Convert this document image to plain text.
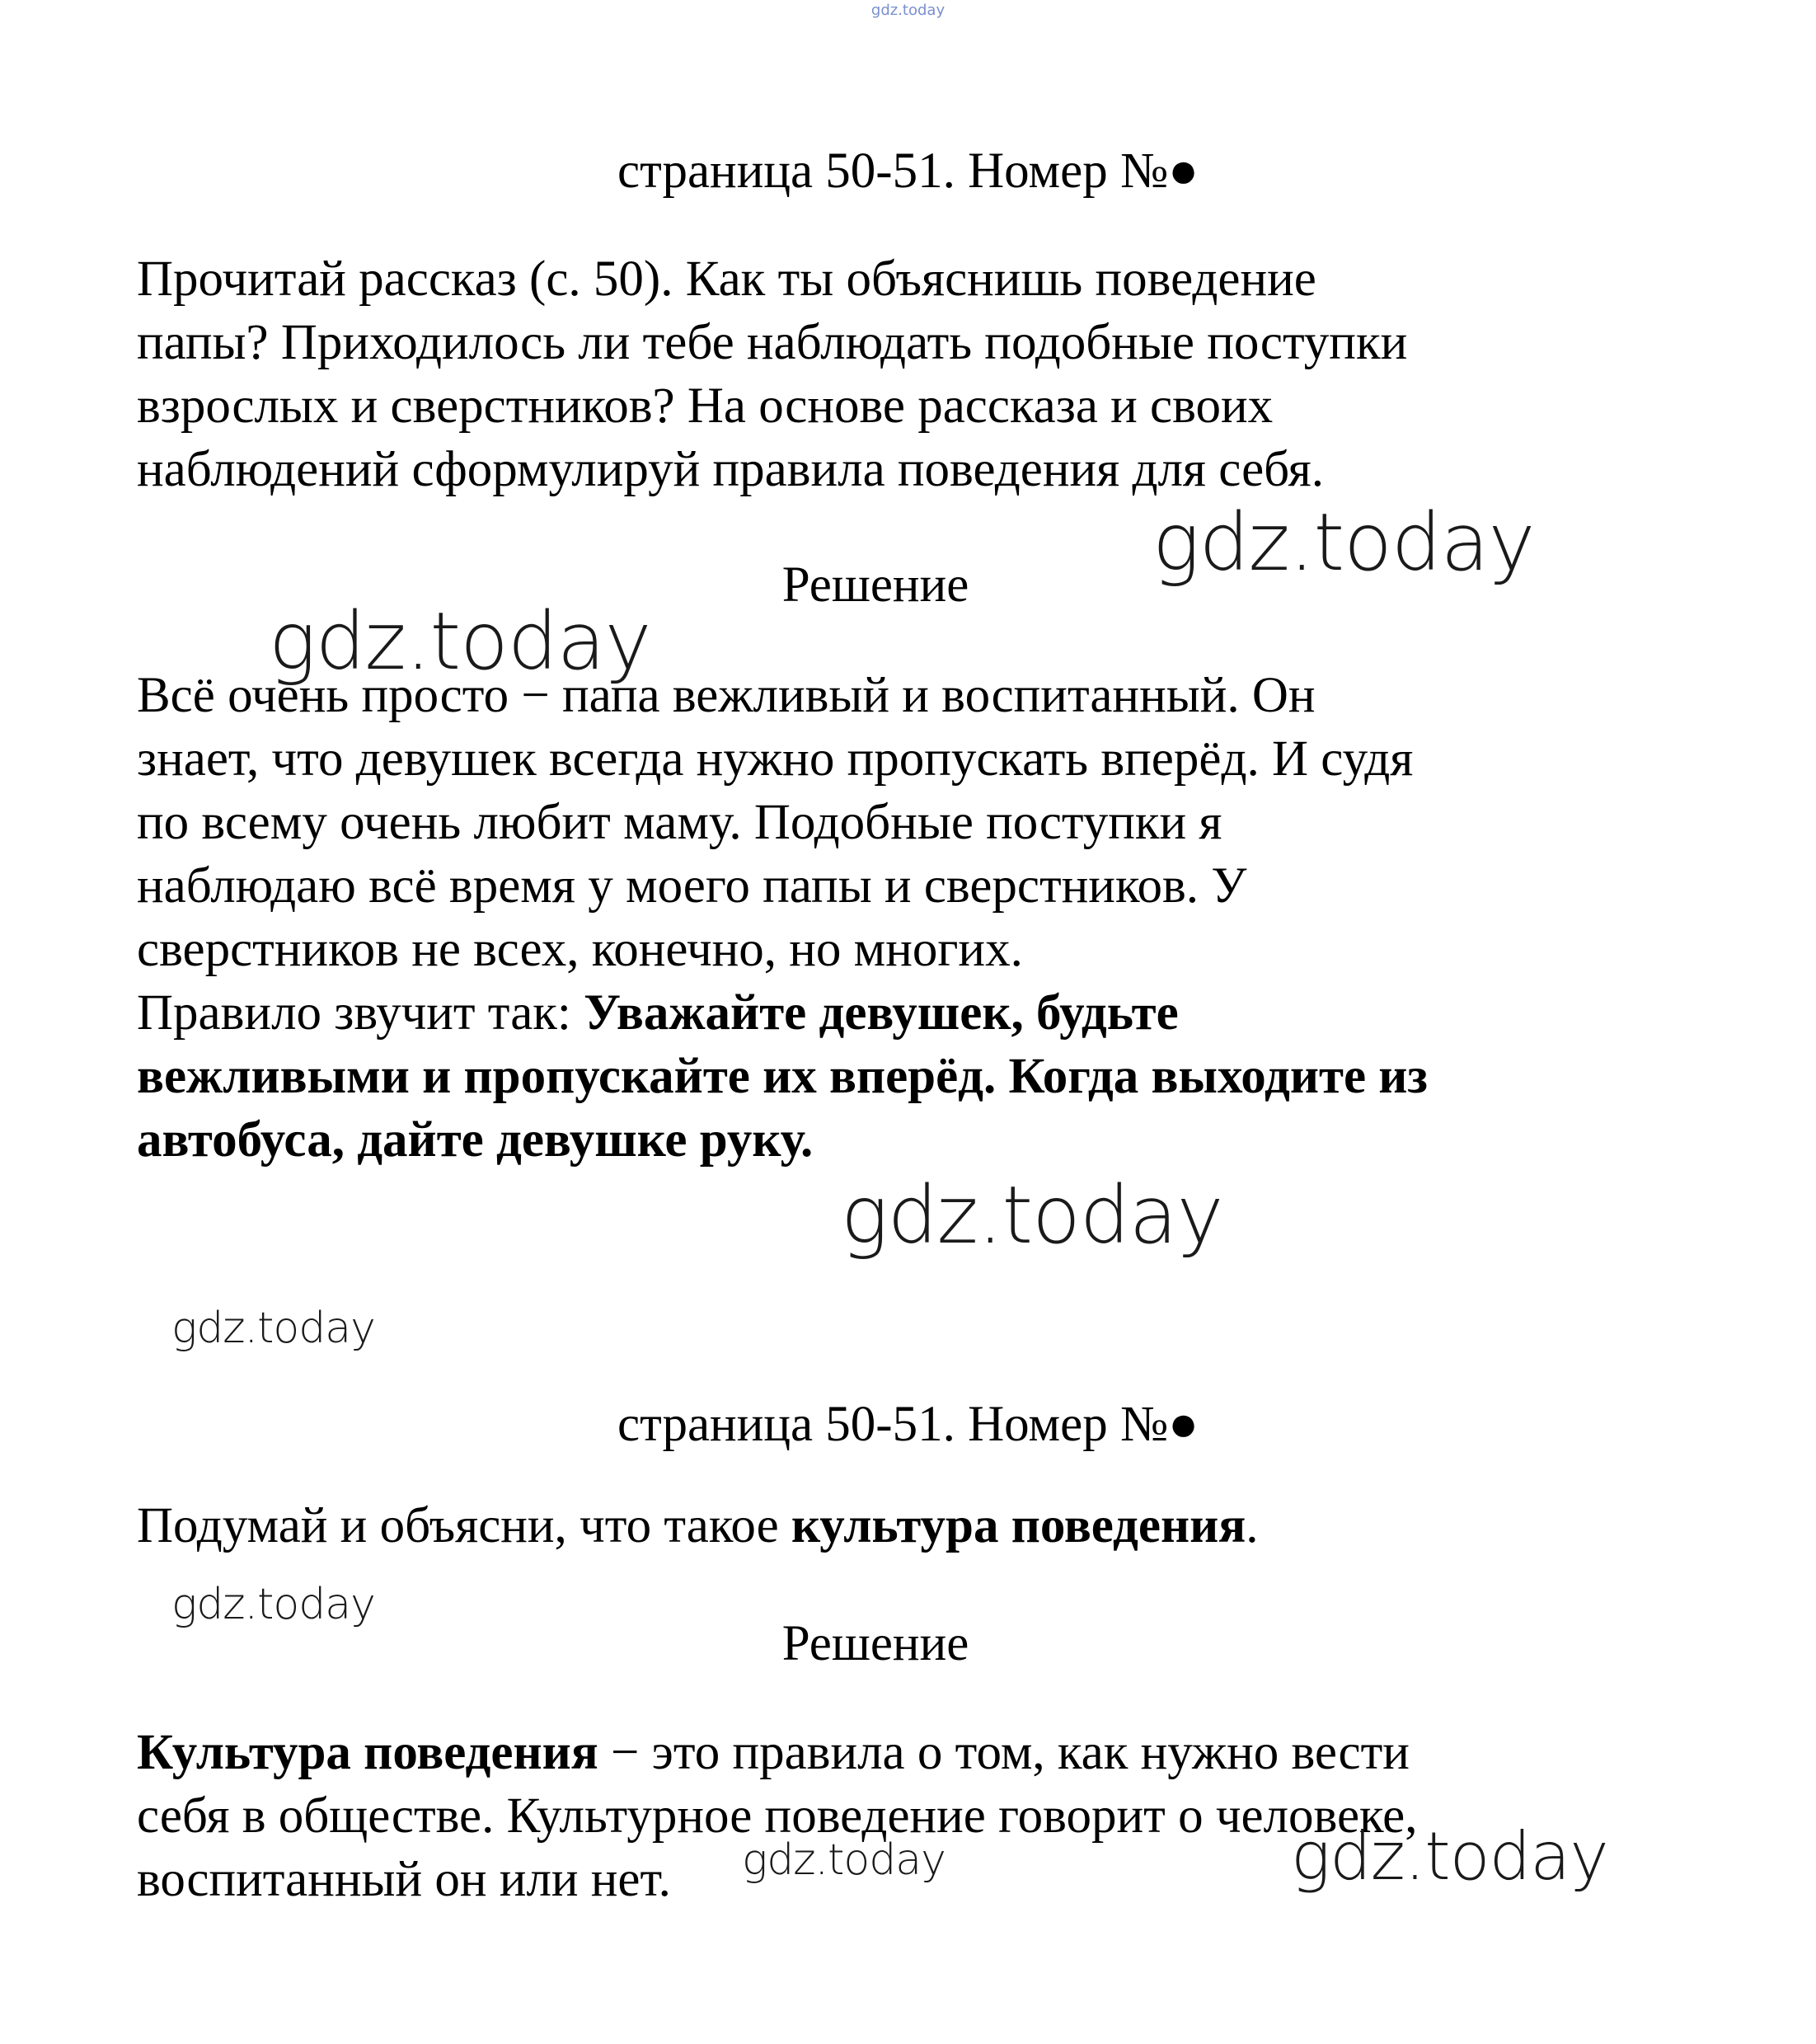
gdz.today
страница 50-51. Номер №●
Прочитай рассказ (с. 50). Как ты объяснишь поведение
папы? Приходилось ли тебе наблюдать подобные поступки
взрослых и сверстников? На основе рассказа и своих
наблюдений сформулируй правила поведения для себя.
Решение
Всё очень просто − папа вежливый и воспитанный. Он
знает, что девушек всегда нужно пропускать вперёд. И судя
по всему очень любит маму. Подобные поступки я
наблюдаю всё время у моего папы и сверстников. У
сверстников не всех, конечно, но многих.
Правило звучит так: Уважайте девушек, будьте
вежливыми и пропускайте их вперёд. Когда выходите из
автобуса, дайте девушке руку.
страница 50-51. Номер №●
Подумай и объясни, что такое культура поведения.
Решение
Культура поведения − это правила о том, как нужно вести
себя в обществе. Культурное поведение говорит о человеке,
воспитанный он или нет.
gdz.today
gdz.today
gdz.today
gdz.today
gdz.today
gdz.today	gdz.today
